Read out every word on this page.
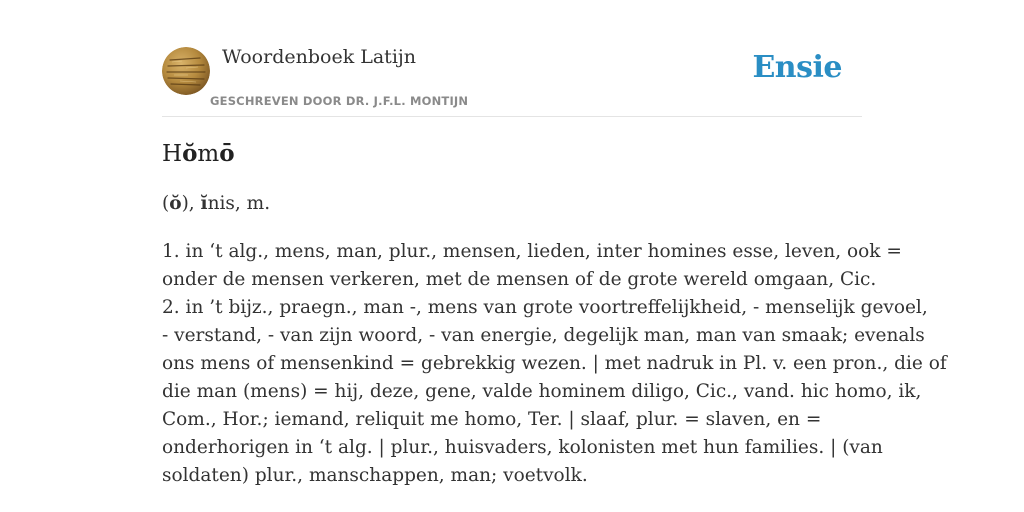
Woordenboek Latijn
GESCHREVEN DOOR DR. J.F.L. MONTIJN
Ensie
Hŏmō
(ŏ), ĭnis, m.
1. in ‘t alg., mens, man, plur., mensen, lieden, inter homines esse, leven, ook =
onder de mensen verkeren, met de mensen of de grote wereld omgaan, Cic.
2. in ’t bijz., praegn., man -, mens van grote voortreffelijkheid, - menselijk gevoel,
- verstand, - van zijn woord, - van energie, degelijk man, man van smaak; evenals
ons mens of mensenkind = gebrekkig wezen. | met nadruk in Pl. v. een pron., die of
die man (mens) = hij, deze, gene, valde hominem diligo, Cic., vand. hic homo, ik,
Com., Hor.; iemand, reliquit me homo, Ter. | slaaf, plur. = slaven, en =
onderhorigen in ‘t alg. | plur., huisvaders, kolonisten met hun families. | (van
soldaten) plur., manschappen, man; voetvolk.
